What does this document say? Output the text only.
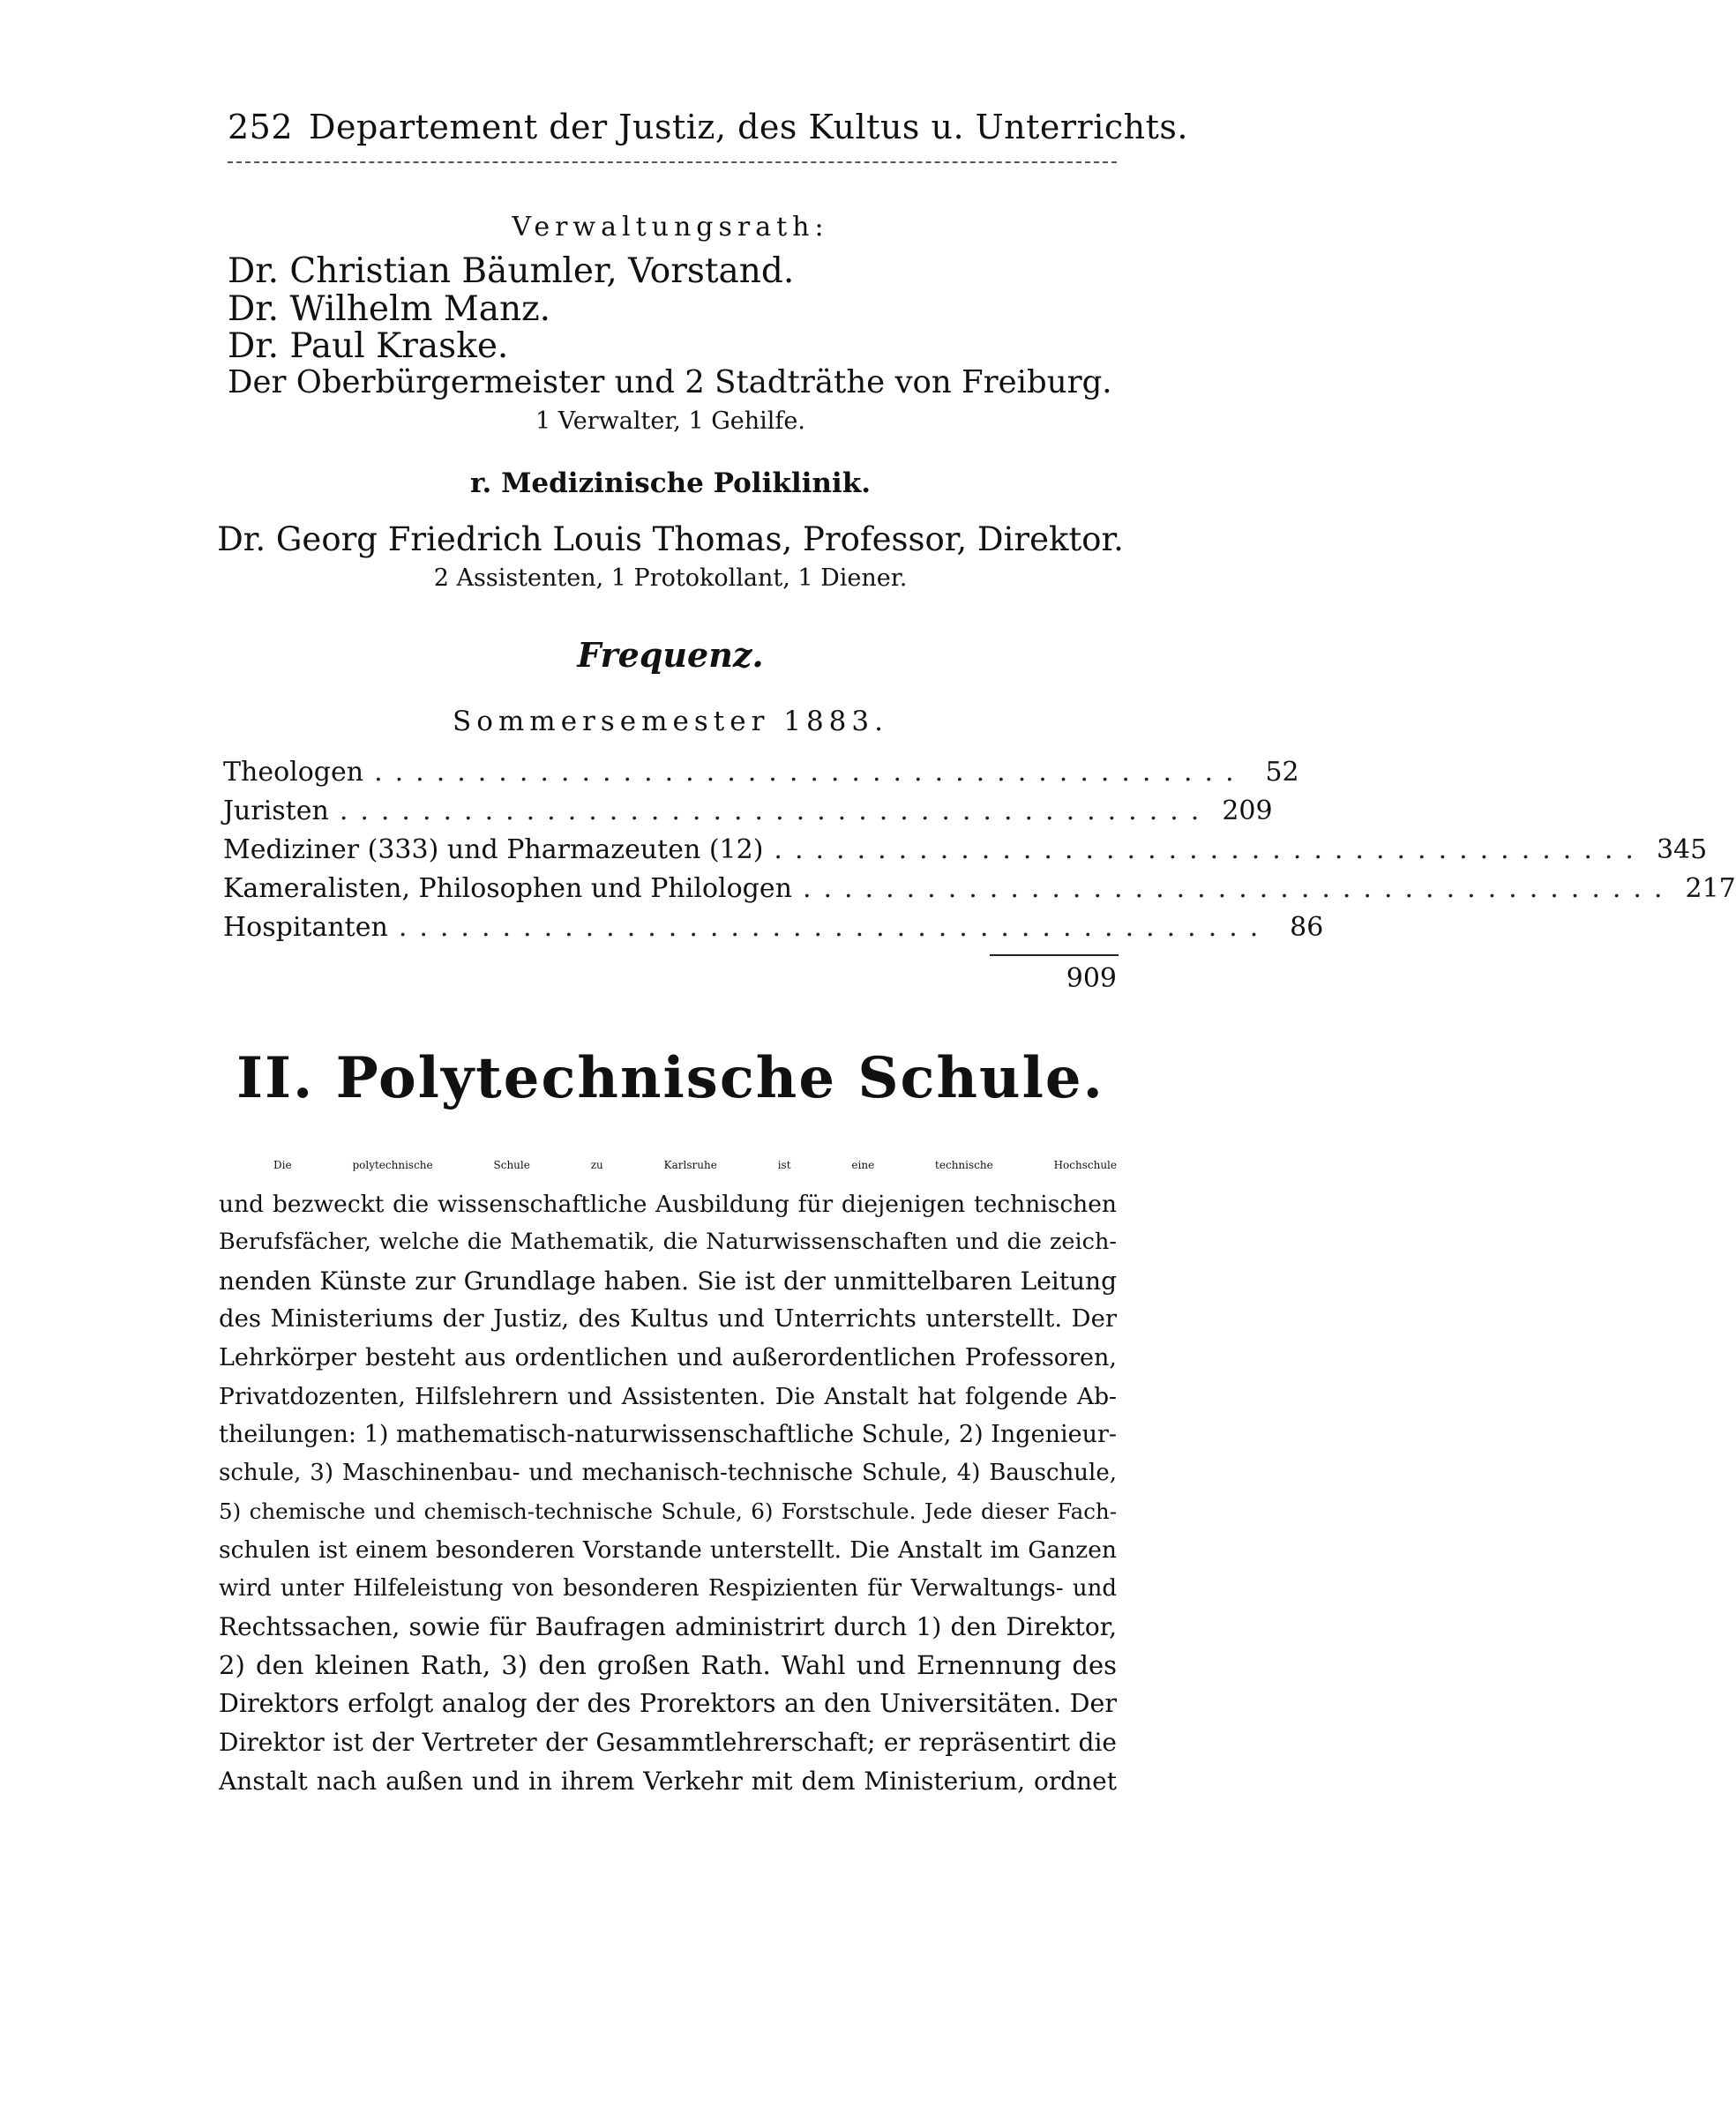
252 Departement der Justiz, des Kultus u. Unterrichts.
Verwaltungsrath:
Dr. Christian Bäumler, Vorstand.
Dr. Wilhelm Manz.
Dr. Paul Kraske.
Der Oberbürgermeister und 2 Stadträthe von Freiburg.
1 Verwalter, 1 Gehilfe.
r. Medizinische Poliklinik.
Dr. Georg Friedrich Louis Thomas, Professor, Direktor.
2 Assistenten, 1 Protokollant, 1 Diener.
Frequenz.
Sommersemester 1883.
Theologen .......................................... 52
Juristen .......................................... 209
Mediziner (333) und Pharmazeuten (12) .......................................... 345
Kameralisten, Philosophen und Philologen .......................................... 217
Hospitanten .......................................... 86
909
II. Polytechnische Schule.
Die polytechnische Schule zu Karlsruhe ist eine technische Hochschule
und bezweckt die wissenschaftliche Ausbildung für diejenigen technischen
Berufsfächer, welche die Mathematik, die Naturwissenschaften und die zeich-
nenden Künste zur Grundlage haben. Sie ist der unmittelbaren Leitung
des Ministeriums der Justiz, des Kultus und Unterrichts unterstellt. Der
Lehrkörper besteht aus ordentlichen und außerordentlichen Professoren,
Privatdozenten, Hilfslehrern und Assistenten. Die Anstalt hat folgende Ab-
theilungen: 1) mathematisch-naturwissenschaftliche Schule, 2) Ingenieur-
schule, 3) Maschinenbau- und mechanisch-technische Schule, 4) Bauschule,
5) chemische und chemisch-technische Schule, 6) Forstschule. Jede dieser Fach-
schulen ist einem besonderen Vorstande unterstellt. Die Anstalt im Ganzen
wird unter Hilfeleistung von besonderen Respizienten für Verwaltungs- und
Rechtssachen, sowie für Baufragen administrirt durch 1) den Direktor,
2) den kleinen Rath, 3) den großen Rath. Wahl und Ernennung des
Direktors erfolgt analog der des Prorektors an den Universitäten. Der
Direktor ist der Vertreter der Gesammtlehrerschaft; er repräsentirt die
Anstalt nach außen und in ihrem Verkehr mit dem Ministerium, ordnet
